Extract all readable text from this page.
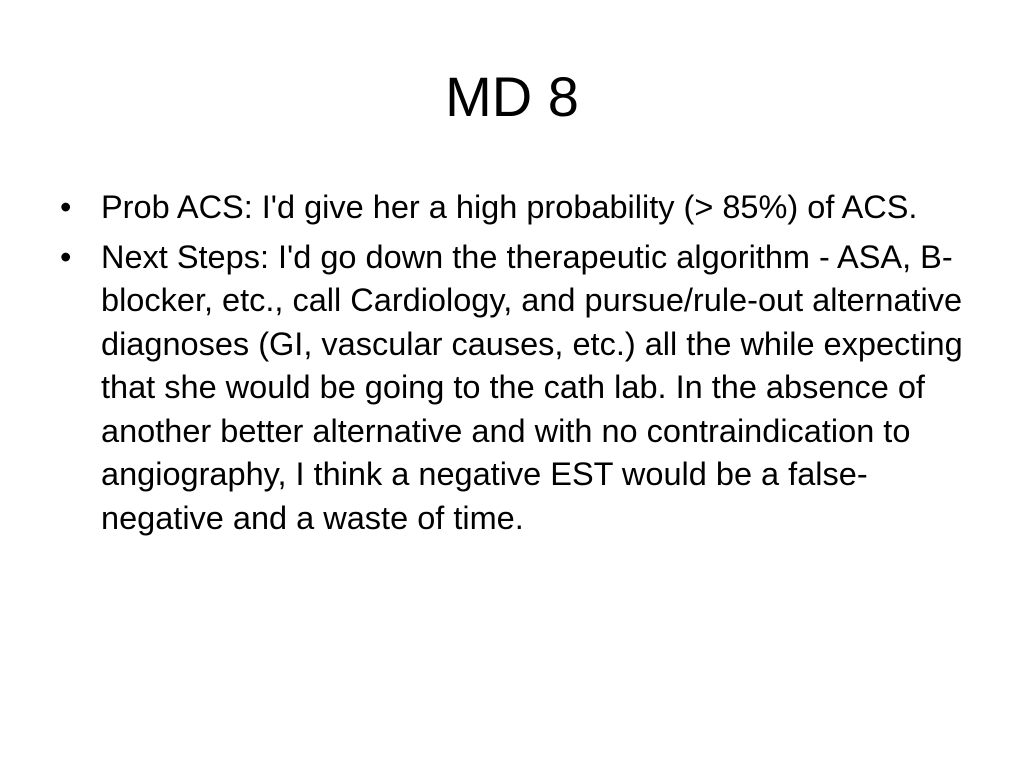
MD 8
• Prob ACS: I'd give her a high probability (> 85%) of ACS.
• Next Steps: I'd go down the therapeutic algorithm - ASA, B-blocker, etc., call Cardiology, and pursue/rule-out alternative diagnoses (GI, vascular causes, etc.) all the while expecting that she would be going to the cath lab. In the absence of another better alternative and with no contraindication to angiography, I think a negative EST would be a false-negative and a waste of time.
